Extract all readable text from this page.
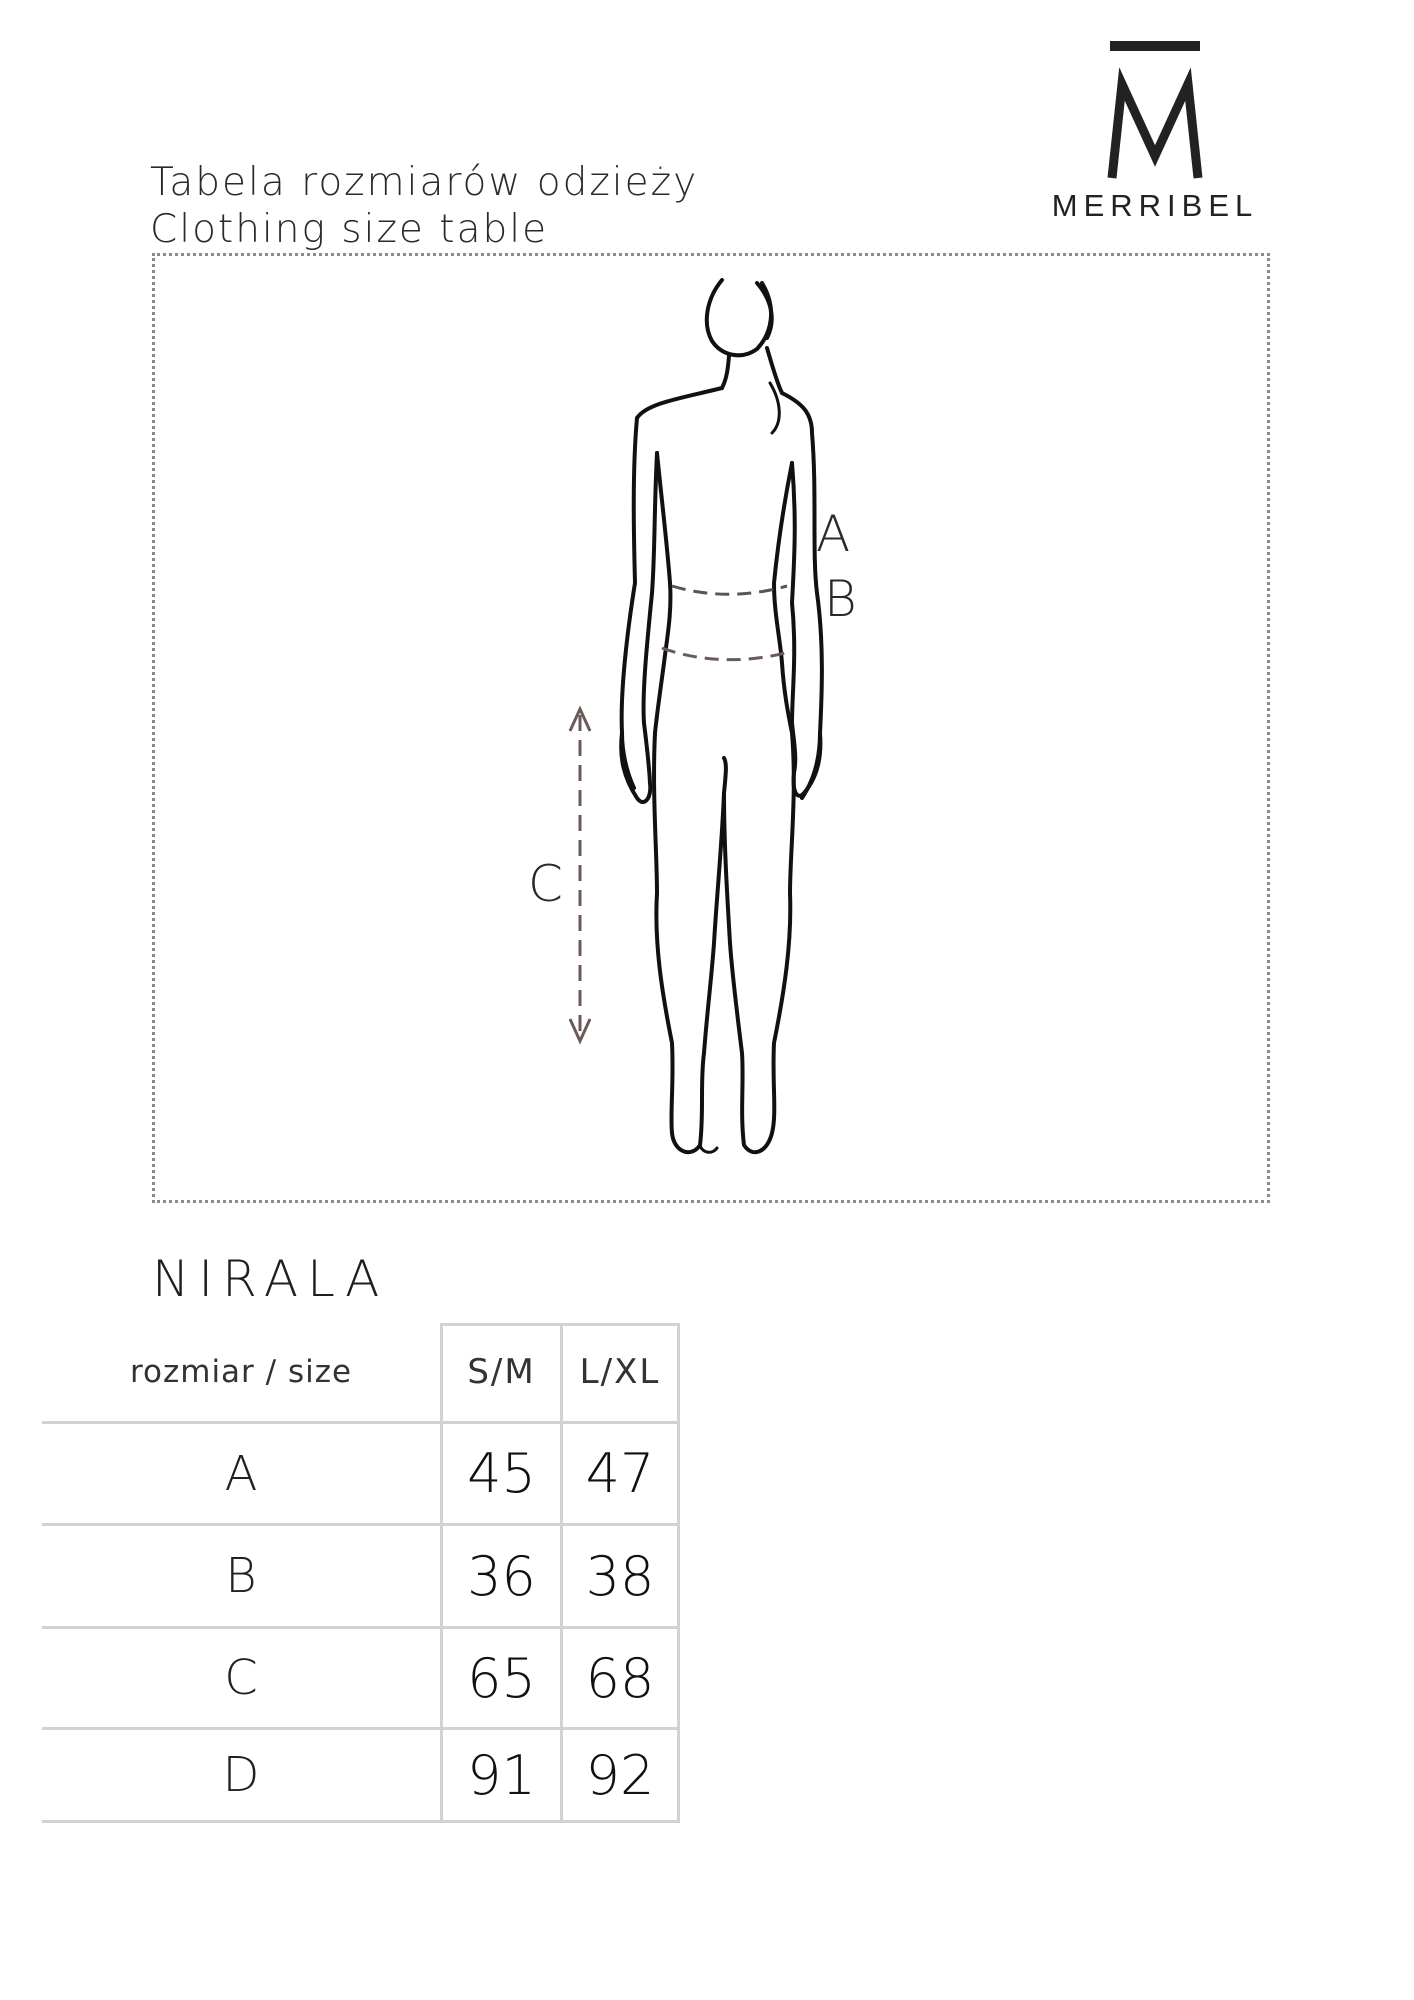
Tabela rozmiarów odzieży
Clothing size table
MERRIBEL
A
B
C
NIRALA
rozmiar / size	S/M	L/XL
A	45 47
B	36 38
C	65 68
D	91 92
